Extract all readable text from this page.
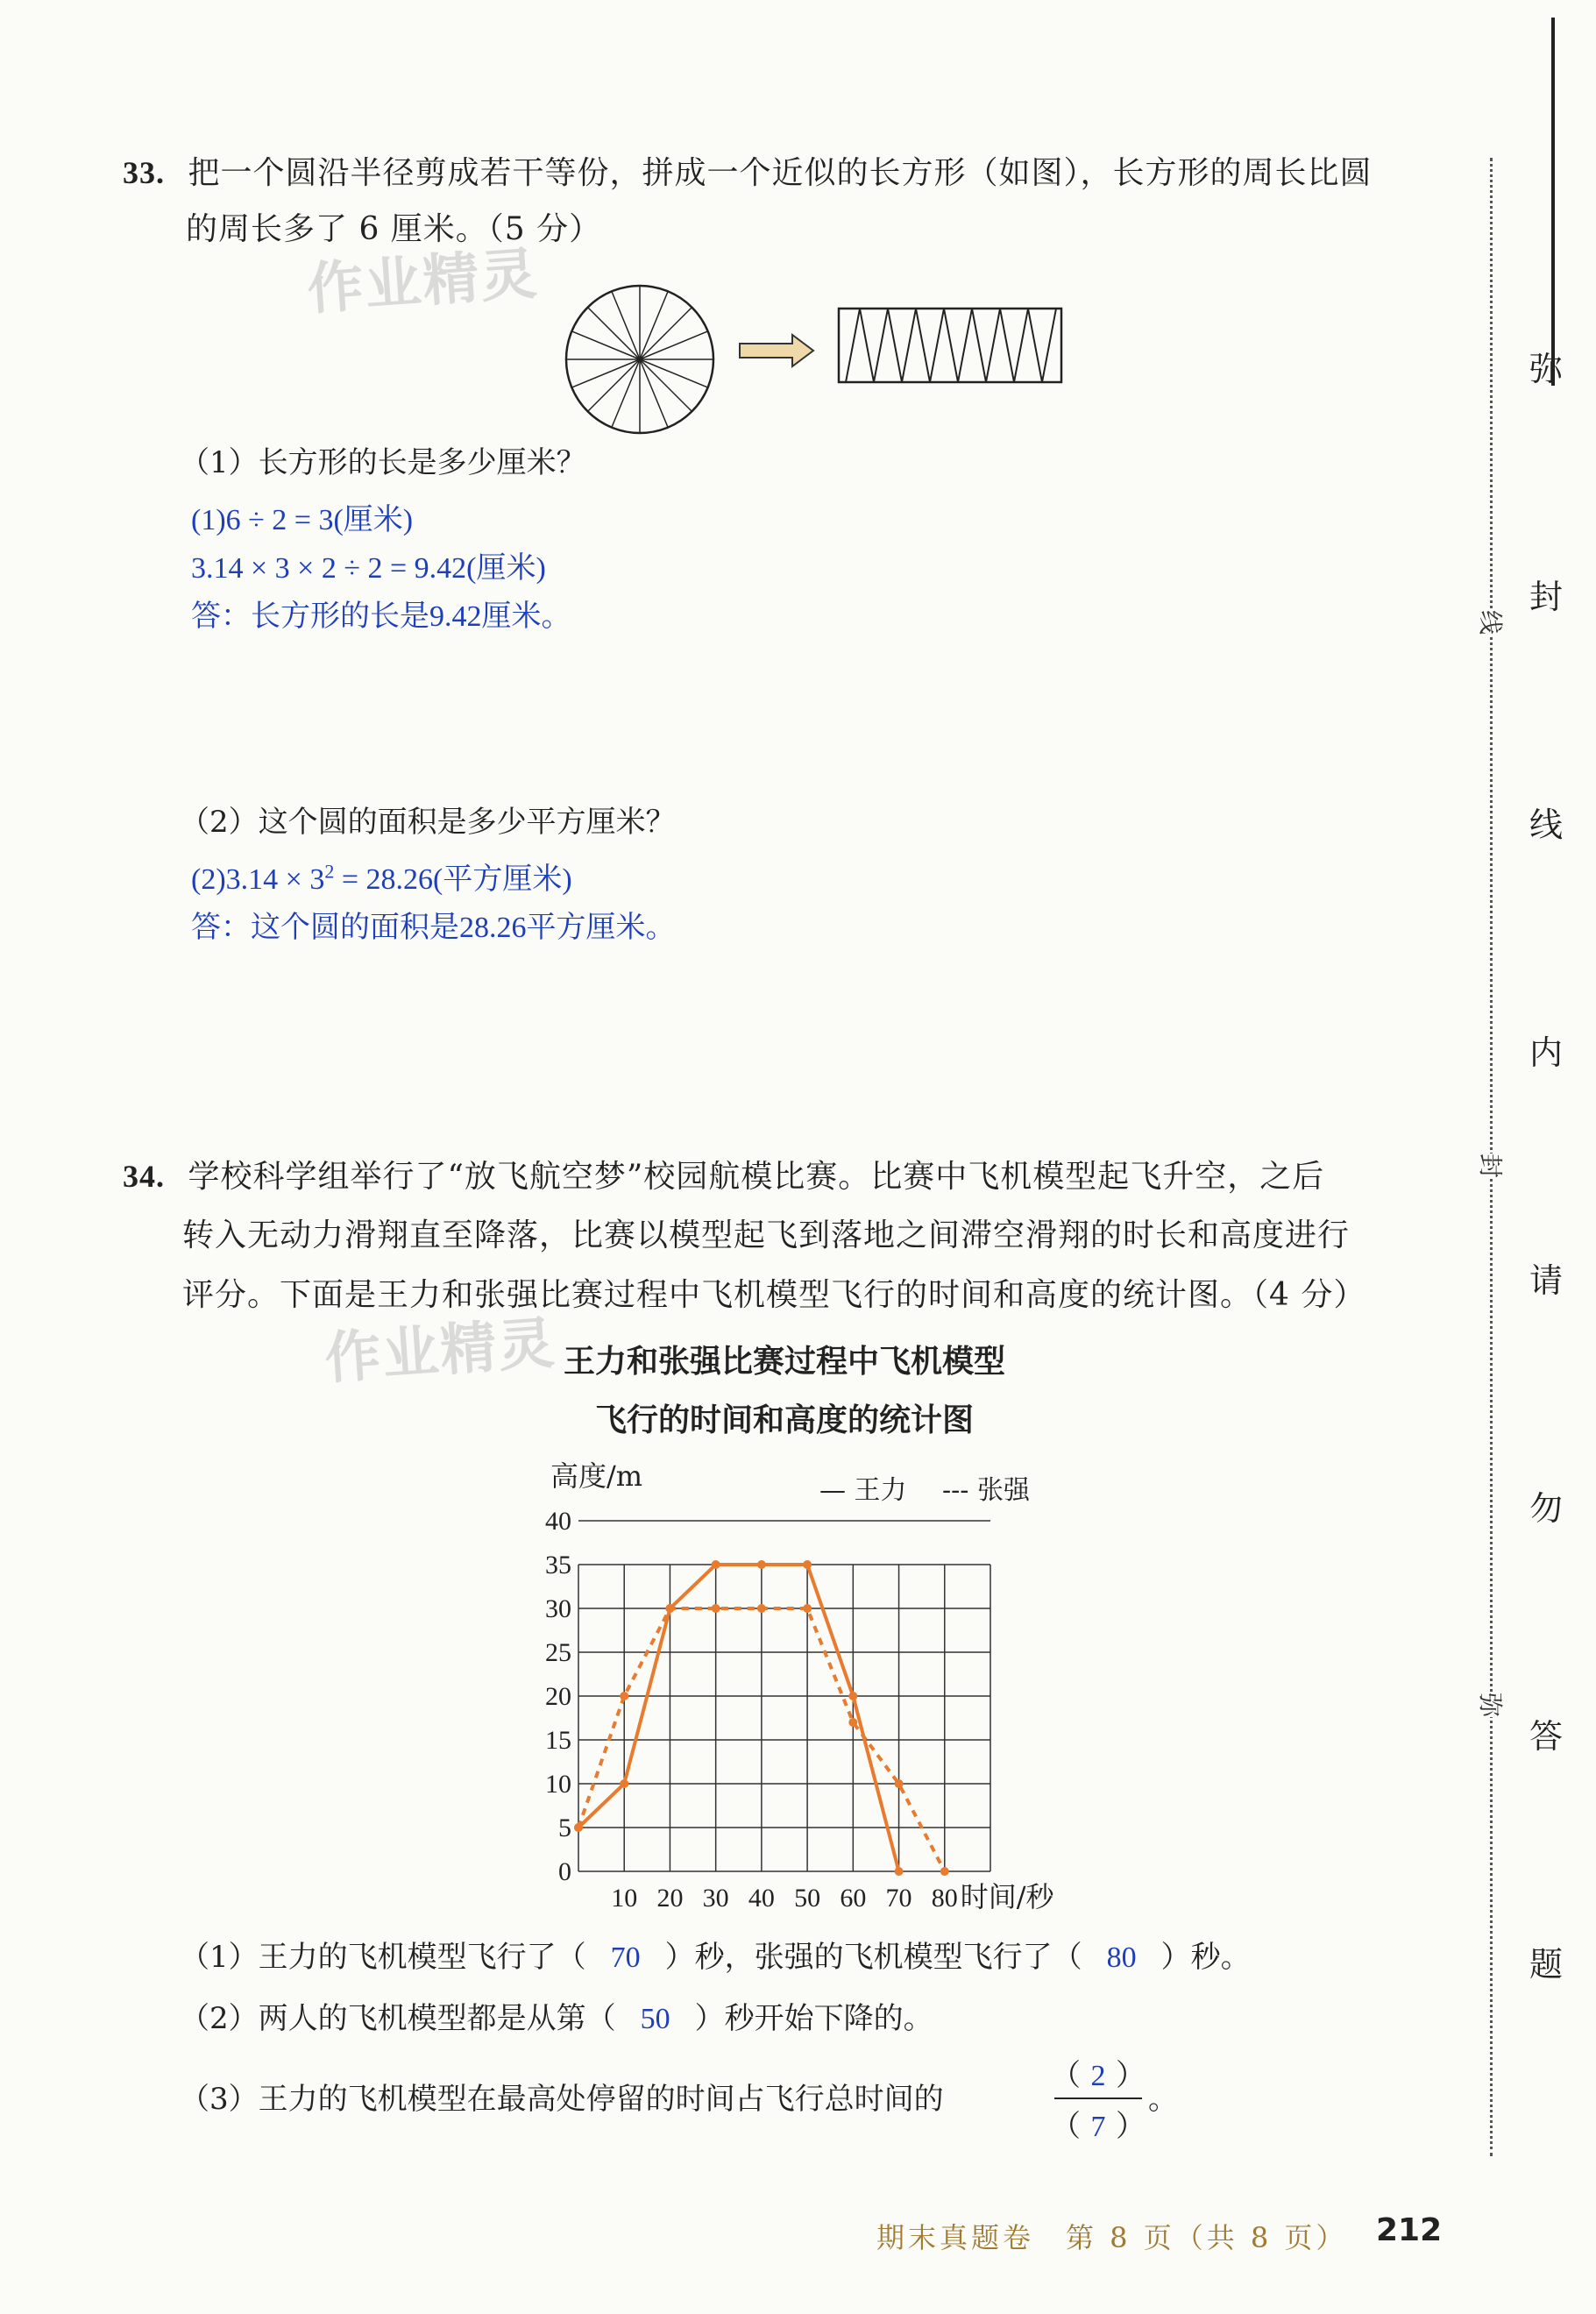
弥
封
线
内
请
勿
答
题
线
封
弥
作业精灵
作业精灵
33. 把一个圆沿半径剪成若干等份，拼成一个近似的长方形（如图），长方形的周长比圆
的周长多了 6 厘米。（5 分）
（1）长方形的长是多少厘米？
(1)6 ÷ 2 = 3(厘米)
3.14 × 3 × 2 ÷ 2 = 9.42(厘米)
答：长方形的长是9.42厘米。
（2）这个圆的面积是多少平方厘米？
$(2)3.14 \times 3^2 = 28.26$(平方厘米)
答：这个圆的面积是28.26平方厘米。
34. 学校科学组举行了“放飞航空梦”校园航模比赛。比赛中飞机模型起飞升空，之后
转入无动力滑翔直至降落，比赛以模型起飞到落地之间滞空滑翔的时长和高度进行
评分。下面是王力和张强比赛过程中飞机模型飞行的时间和高度的统计图。（4 分）
王力和张强比赛过程中飞机模型
飞行的时间和高度的统计图
0
5
10
15
20
25
30
35
40
10 20 30 40 50 60 70 80
高度/m
时间/秒
— 王力 --- 张强
（1）王力的飞机模型飞行了（ 70 ）秒，张强的飞机模型飞行了（ 80 ）秒。
（2）两人的飞机模型都是从第（ 50 ）秒开始下降的。
（3）王力的飞机模型在最高处停留的时间占飞行总时间的
（ 2 ）
（ 7 ）
。
期末真题卷　第 8 页（共 8 页） 212
